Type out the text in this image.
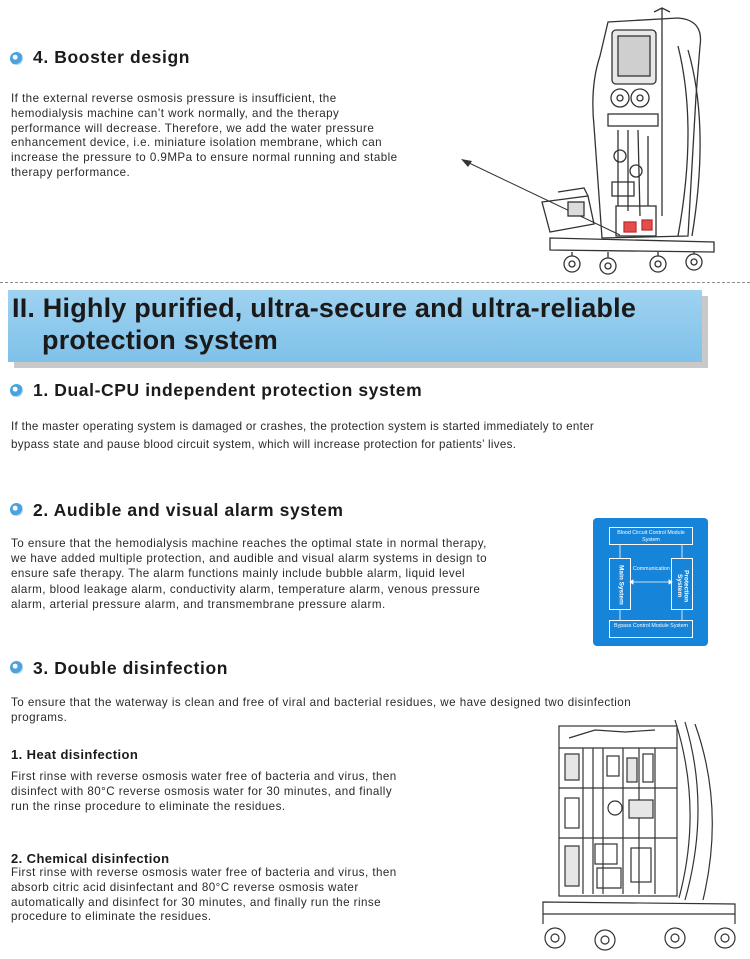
4. Booster design
If the external reverse osmosis pressure is insufficient, the
hemodialysis machine can’t work normally, and the therapy
performance will decrease. Therefore, we add the water pressure
enhancement device, i.e. miniature isolation membrane, which can
increase the pressure to 0.9MPa to ensure normal running and stable
therapy performance.
II. Highly purified, ultra-secure and ultra-reliable
protection system
1. Dual-CPU independent protection system
If the master operating system is damaged or crashes, the protection system is started immediately to enter
bypass state and pause blood circuit system, which will increase protection for patients’ lives.
2. Audible and visual alarm system
To ensure that the hemodialysis machine reaches the optimal state in normal therapy,
we have added multiple protection, and audible and visual alarm systems in design to
ensure safe therapy. The alarm functions mainly include bubble alarm, liquid level
alarm, blood leakage alarm, conductivity alarm, temperature alarm, venous pressure
alarm, arterial pressure alarm, and transmembrane pressure alarm.
Blood Circuit Control Module System
Main System Communication
Protection System
Bypass Control Module System
3. Double disinfection
To ensure that the waterway is clean and free of viral and bacterial residues, we have designed two disinfection
programs.
1. Heat disinfection
First rinse with reverse osmosis water free of bacteria and virus, then
disinfect with 80°C reverse osmosis water for 30 minutes, and finally
run the rinse procedure to eliminate the residues.
2. Chemical disinfection
First rinse with reverse osmosis water free of bacteria and virus, then
absorb citric acid disinfectant and 80°C reverse osmosis water
automatically and disinfect for 30 minutes, and finally run the rinse
procedure to eliminate the residues.
